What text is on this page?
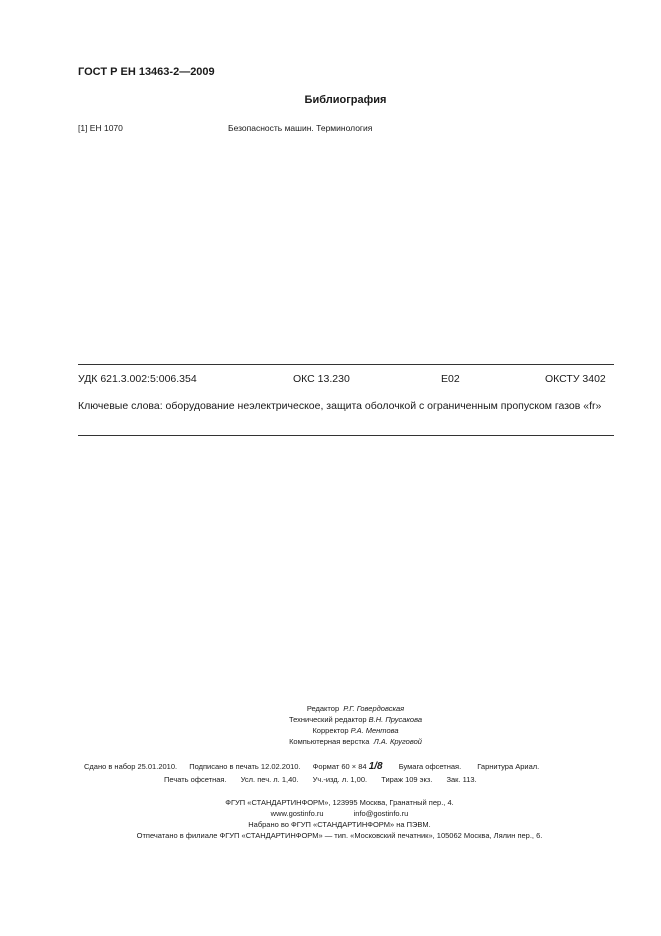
ГОСТ Р ЕН 13463-2—2009
Библиография
[1] ЕН 1070	Безопасность машин. Терминология
УДК 621.3.002:5:006.354	ОКС 13.230	Е02	ОКСТУ 3402
Ключевые слова: оборудование неэлектрическое, защита оболочкой с ограниченным пропуском газов «fr»
Редактор Р.Г. Говердовская
Технический редактор В.Н. Прусакова
Корректор Р.А. Ментова
Компьютерная верстка Л.А. Круговой
Сдано в набор 25.01.2010. Подписано в печать 12.02.2010. Формат 60 × 84 1/8 Бумага офсетная. Гарнитура Ариал.
Печать офсетная. Усл. печ. л. 1,40. Уч.-изд. л. 1,00. Тираж 109 экз. Зак. 113.
ФГУП «СТАНДАРТИНФОРМ», 123995 Москва, Гранатный пер., 4.
www.gostinfo.ru	info@gostinfo.ru
Набрано во ФГУП «СТАНДАРТИНФОРМ» на ПЭВМ.
Отпечатано в филиале ФГУП «СТАНДАРТИНФОРМ» — тип. «Московский печатник», 105062 Москва, Лялин пер., 6.
